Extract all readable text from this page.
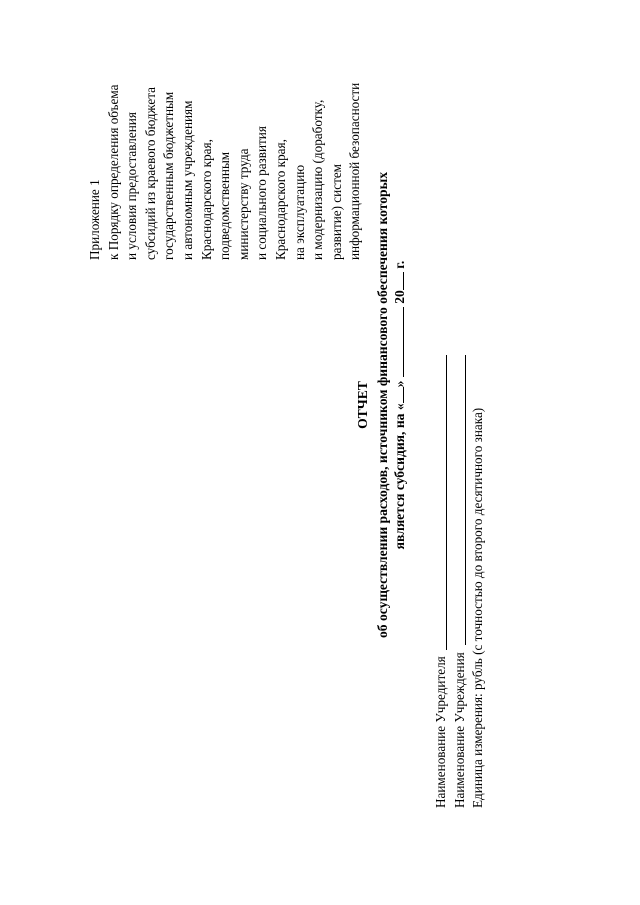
Приложение 1 к Порядку определения объема и условия предоставления субсидий из краевого бюджета государственным бюджетным и автономным учреждениям Краснодарского края, подведомственным министерству труда и социального развития Краснодарского края, на эксплуатацию и модернизацию (доработку, развитие) систем информационной безопасности
ОТЧЕТ об осуществлении расходов, источником финансового обеспечения которых является субсидия, на «»  20 г.
Наименование Учредителя Наименование Учреждения Единица измерения: рубль (с точностью до второго десятичного знака)
